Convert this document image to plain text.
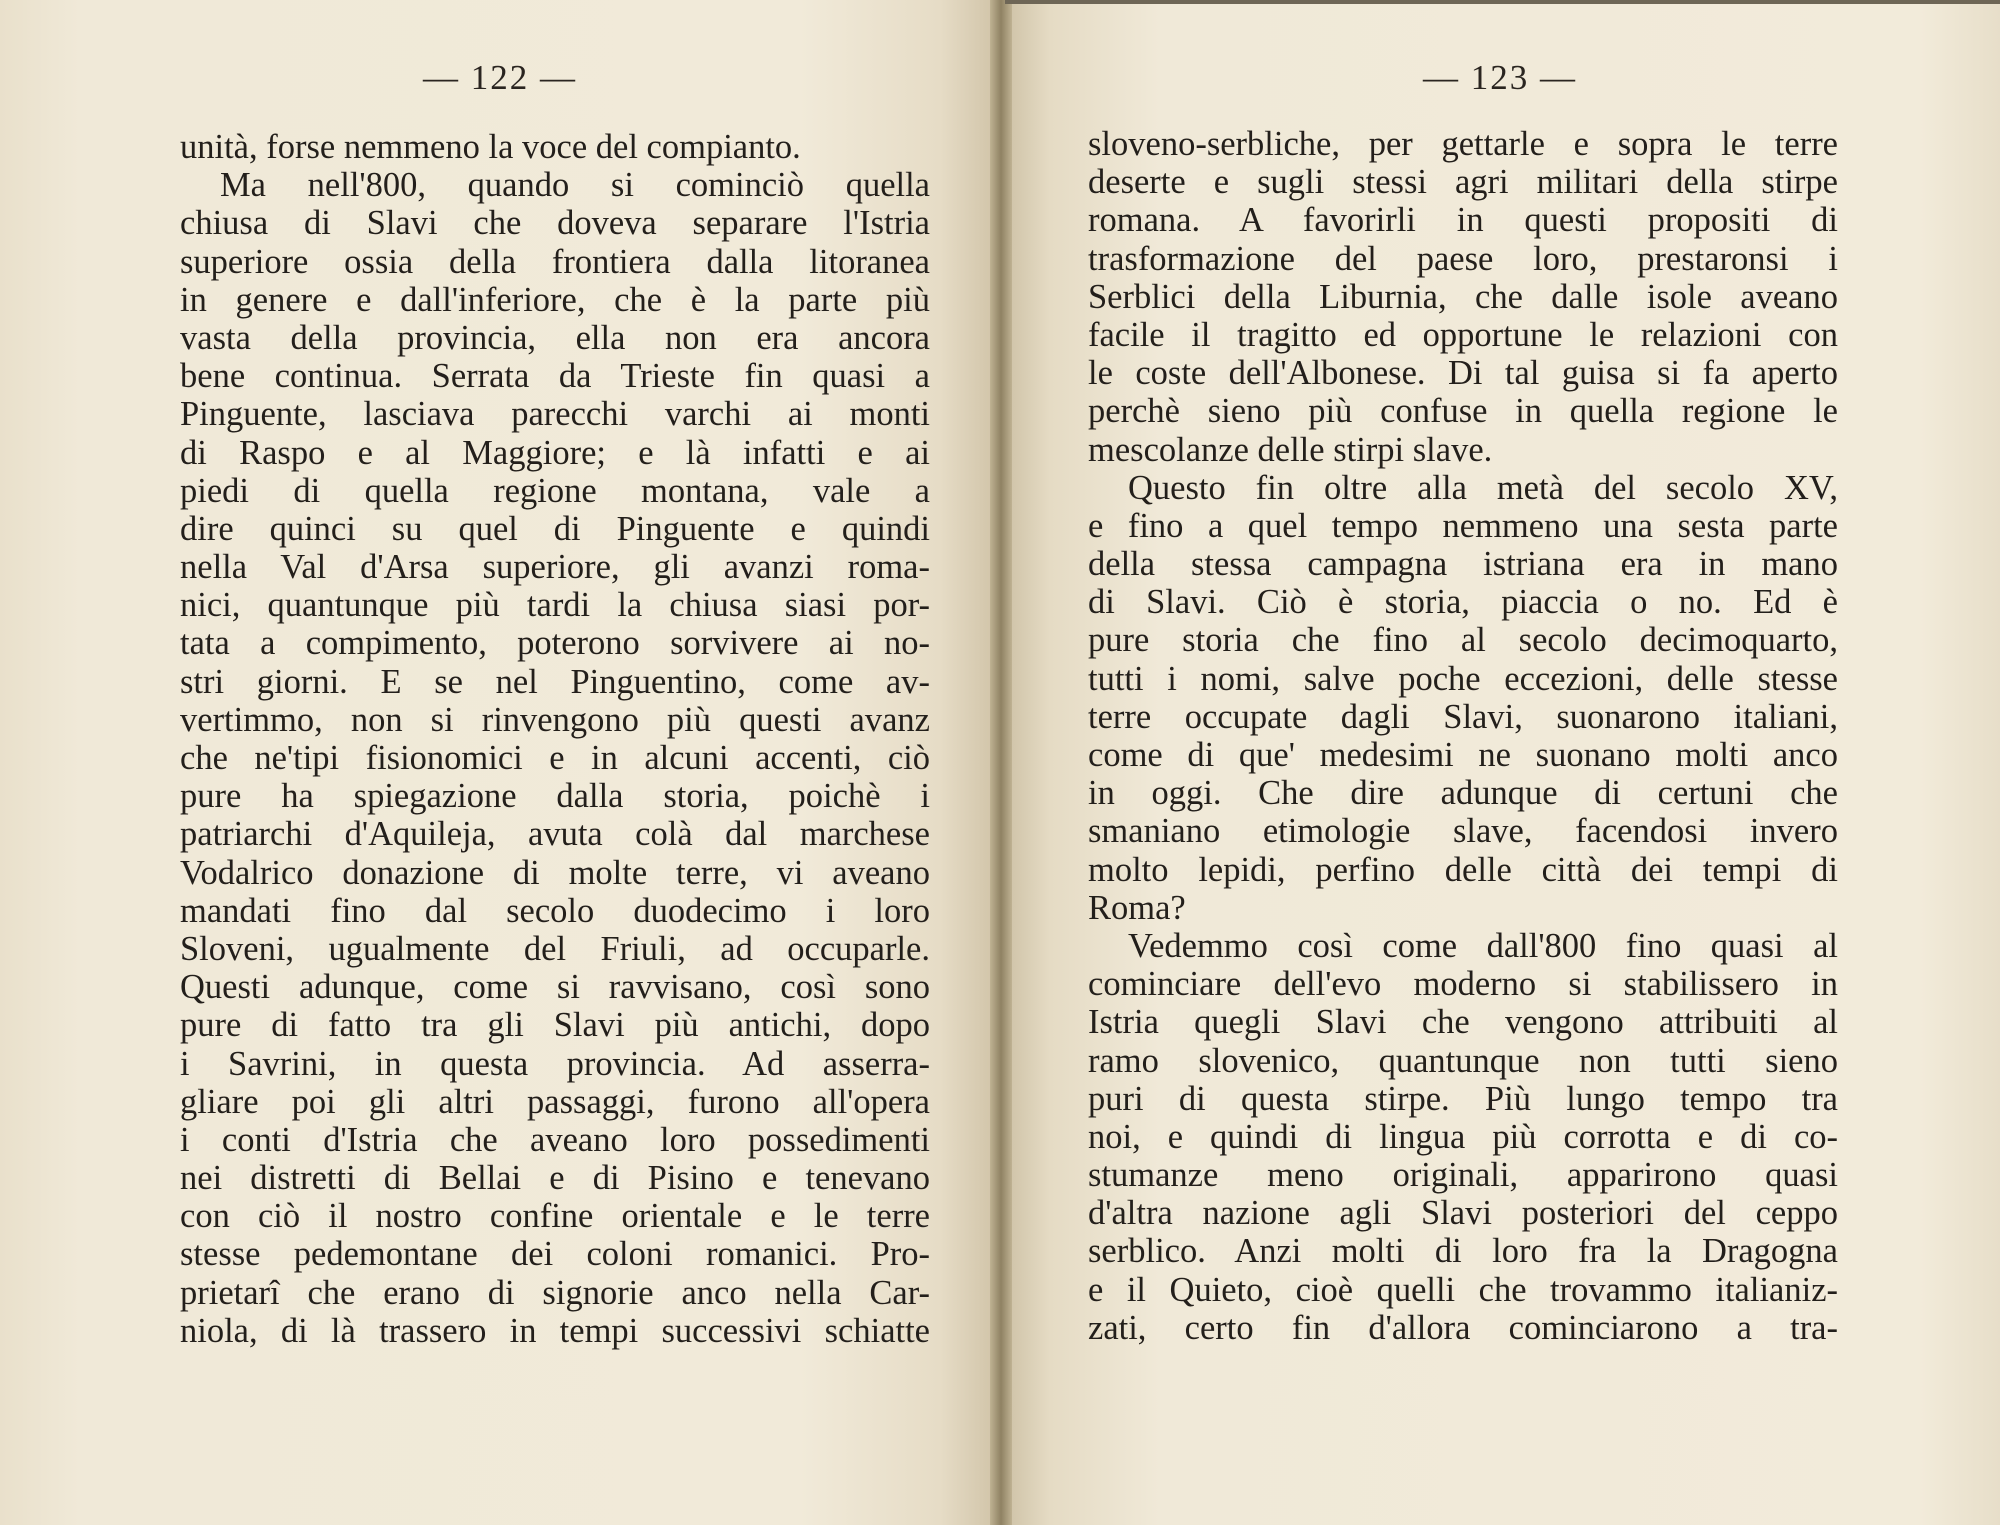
— 122 —
unità, forse nemmeno la voce del compianto.
Ma nell'800, quando si cominciò quella
chiusa di Slavi che doveva separare l'Istria
superiore ossia della frontiera dalla litoranea
in genere e dall'inferiore, che è la parte più
vasta della provincia, ella non era ancora
bene continua. Serrata da Trieste fin quasi a
Pinguente, lasciava parecchi varchi ai monti
di Raspo e al Maggiore; e là infatti e ai
piedi di quella regione montana, vale a
dire quinci su quel di Pinguente e quindi
nella Val d'Arsa superiore, gli avanzi roma-
nici, quantunque più tardi la chiusa siasi por-
tata a compimento, poterono sorvivere ai no-
stri giorni. E se nel Pinguentino, come av-
vertimmo, non si rinvengono più questi avanz
che ne'tipi fisionomici e in alcuni accenti, ciò
pure ha spiegazione dalla storia, poichè i
patriarchi d'Aquileja, avuta colà dal marchese
Vodalrico donazione di molte terre, vi aveano
mandati fino dal secolo duodecimo i loro
Sloveni, ugualmente del Friuli, ad occuparle.
Questi adunque, come si ravvisano, così sono
pure di fatto tra gli Slavi più antichi, dopo
i Savrini, in questa provincia. Ad asserra-
gliare poi gli altri passaggi, furono all'opera
i conti d'Istria che aveano loro possedimenti
nei distretti di Bellai e di Pisino e tenevano
con ciò il nostro confine orientale e le terre
stesse pedemontane dei coloni romanici. Pro-
prietarî che erano di signorie anco nella Car-
niola, di là trassero in tempi successivi schiatte
— 123 —
sloveno-serbliche, per gettarle e sopra le terre
deserte e sugli stessi agri militari della stirpe
romana. A favorirli in questi propositi di
trasformazione del paese loro, prestaronsi i
Serblici della Liburnia, che dalle isole aveano
facile il tragitto ed opportune le relazioni con
le coste dell'Albonese. Di tal guisa si fa aperto
perchè sieno più confuse in quella regione le
mescolanze delle stirpi slave.
Questo fin oltre alla metà del secolo XV,
e fino a quel tempo nemmeno una sesta parte
della stessa campagna istriana era in mano
di Slavi. Ciò è storia, piaccia o no. Ed è
pure storia che fino al secolo decimoquarto,
tutti i nomi, salve poche eccezioni, delle stesse
terre occupate dagli Slavi, suonarono italiani,
come di que' medesimi ne suonano molti anco
in oggi. Che dire adunque di certuni che
smaniano etimologie slave, facendosi invero
molto lepidi, perfino delle città dei tempi di
Roma?
Vedemmo così come dall'800 fino quasi al
cominciare dell'evo moderno si stabilissero in
Istria quegli Slavi che vengono attribuiti al
ramo slovenico, quantunque non tutti sieno
puri di questa stirpe. Più lungo tempo tra
noi, e quindi di lingua più corrotta e di co-
stumanze meno originali, apparirono quasi
d'altra nazione agli Slavi posteriori del ceppo
serblico. Anzi molti di loro fra la Dragogna
e il Quieto, cioè quelli che trovammo italianiz-
zati, certo fin d'allora cominciarono a tra-
